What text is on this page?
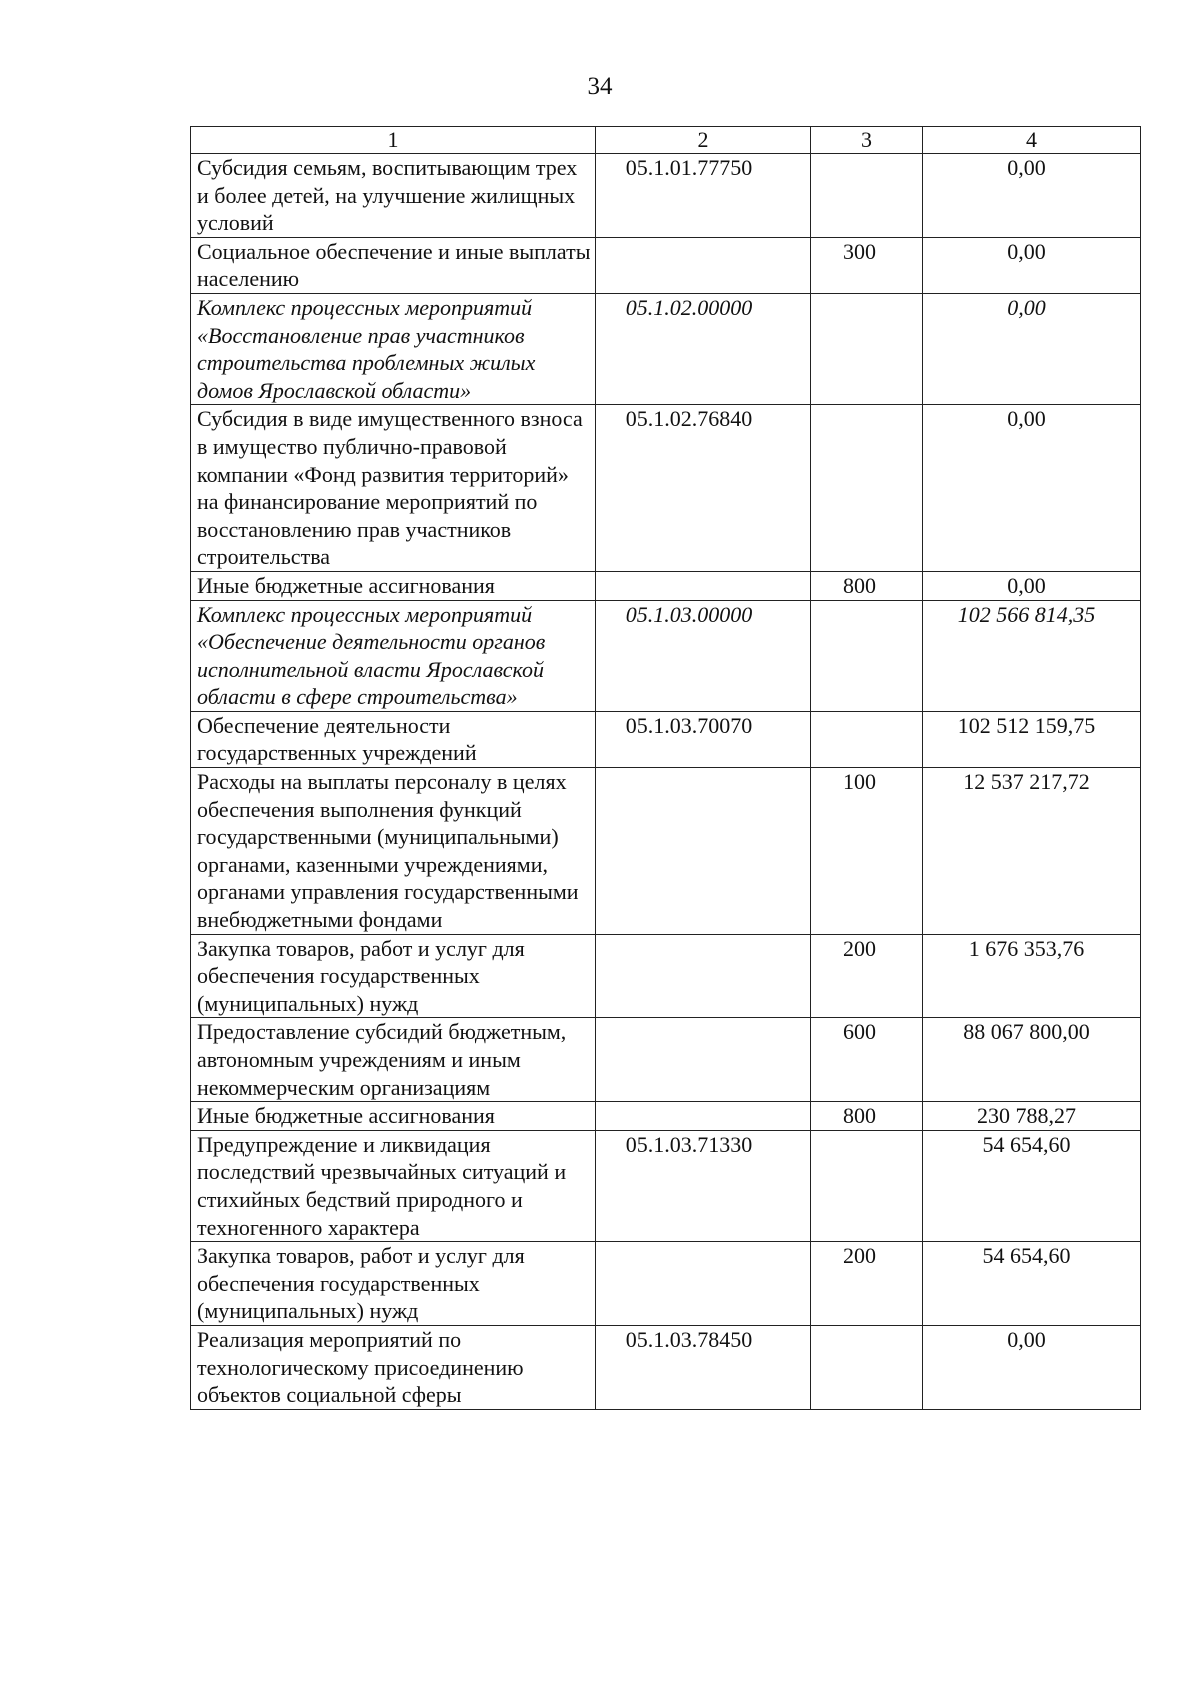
34
1	2	3	4
Субсидия семьям, воспитывающим трех и более детей, на улучшение жилищных условий	05.1.01.77750		0,00
Социальное обеспечение и иные выплаты населению		300	0,00
Комплекс процессных мероприятий «Восстановление прав участников строительства проблемных жилых домов Ярославской области»	05.1.02.00000		0,00
Субсидия в виде имущественного взноса в имущество публично-правовой компании «Фонд развития территорий» на финансирование мероприятий по восстановлению прав участников строительства	05.1.02.76840		0,00
Иные бюджетные ассигнования		800	0,00
Комплекс процессных мероприятий «Обеспечение деятельности органов исполнительной власти Ярославской области в сфере строительства»	05.1.03.00000		102 566 814,35
Обеспечение деятельности государственных учреждений	05.1.03.70070		102 512 159,75
Расходы на выплаты персоналу в целях обеспечения выполнения функций государственными (муниципальными) органами, казенными учреждениями, органами управления государственными внебюджетными фондами		100	12 537 217,72
Закупка товаров, работ и услуг для обеспечения государственных (муниципальных) нужд		200	1 676 353,76
Предоставление субсидий бюджетным, автономным учреждениям и иным некоммерческим организациям		600	88 067 800,00
Иные бюджетные ассигнования		800	230 788,27
Предупреждение и ликвидация последствий чрезвычайных ситуаций и стихийных бедствий природного и техногенного характера	05.1.03.71330		54 654,60
Закупка товаров, работ и услуг для обеспечения государственных (муниципальных) нужд		200	54 654,60
Реализация мероприятий по технологическому присоединению объектов социальной сферы	05.1.03.78450		0,00
